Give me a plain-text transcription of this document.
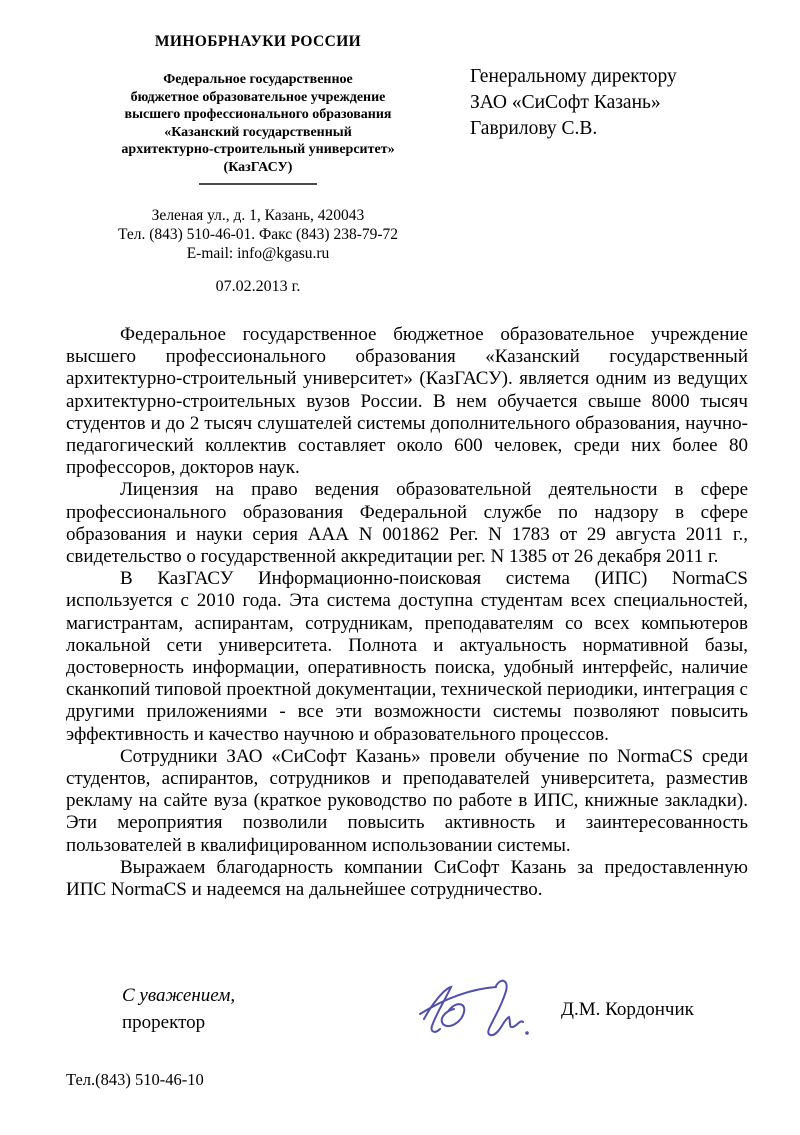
МИНОБРНАУКИ РОССИИ
Федеральное государственное
бюджетное образовательное учреждение
высшего профессионального образования
«Казанский государственный
архитектурно-строительный университет»
(КазГАСУ)
Зеленая ул., д. 1, Казань, 420043
Тел. (843) 510-46-01. Факс (843) 238-79-72
E-mail: info@kgasu.ru
07.02.2013 г.
Генеральному директору
ЗАО «СиСофт Казань»
Гаврилову С.В.

Федеральное государственное бюджетное образовательное учреждение высшего профессионального образования «Казанский государственный архитектурно-строительный университет» (КазГАСУ). является одним из ведущих архитектурно-строительных вузов России. В нем обучается свыше 8000 тысяч студентов и до 2 тысяч слушателей системы дополнительного образования, научно-педагогический коллектив составляет около 600 человек, среди них более 80 профессоров, докторов наук.

Лицензия на право ведения образовательной деятельности в сфере профессионального образования Федеральной службе по надзору в сфере образования и науки серия ААА N 001862 Рег. N 1783 от 29 августа 2011 г., свидетельство о государственной аккредитации рег. N 1385 от 26 декабря 2011 г.

В КазГАСУ Информационно-поисковая система (ИПС) NormaCS используется с 2010 года. Эта система доступна студентам всех специальностей, магистрантам, аспирантам, сотрудникам, преподавателям со всех компьютеров локальной сети университета. Полнота и актуальность нормативной базы, достоверность информации, оперативность поиска, удобный интерфейс, наличие сканкопий типовой проектной документации, технической периодики, интеграция с другими приложениями - все эти возможности системы позволяют повысить эффективность и качество научною и образовательного процессов.

Сотрудники ЗАО «СиСофт Казань» провели обучение по NormaCS среди студентов, аспирантов, сотрудников и преподавателей университета, разместив рекламу на сайте вуза (краткое руководство по работе в ИПС, книжные закладки). Эти мероприятия позволили повысить активность и заинтересованность пользователей в квалифицированном использовании системы.

Выражаем благодарность компании СиСофт Казань за предоставленную ИПС NormaCS и надеемся на дальнейшее сотрудничество.

С уважением,
проректор
Д.М. Кордончик
Тел.(843) 510-46-10
